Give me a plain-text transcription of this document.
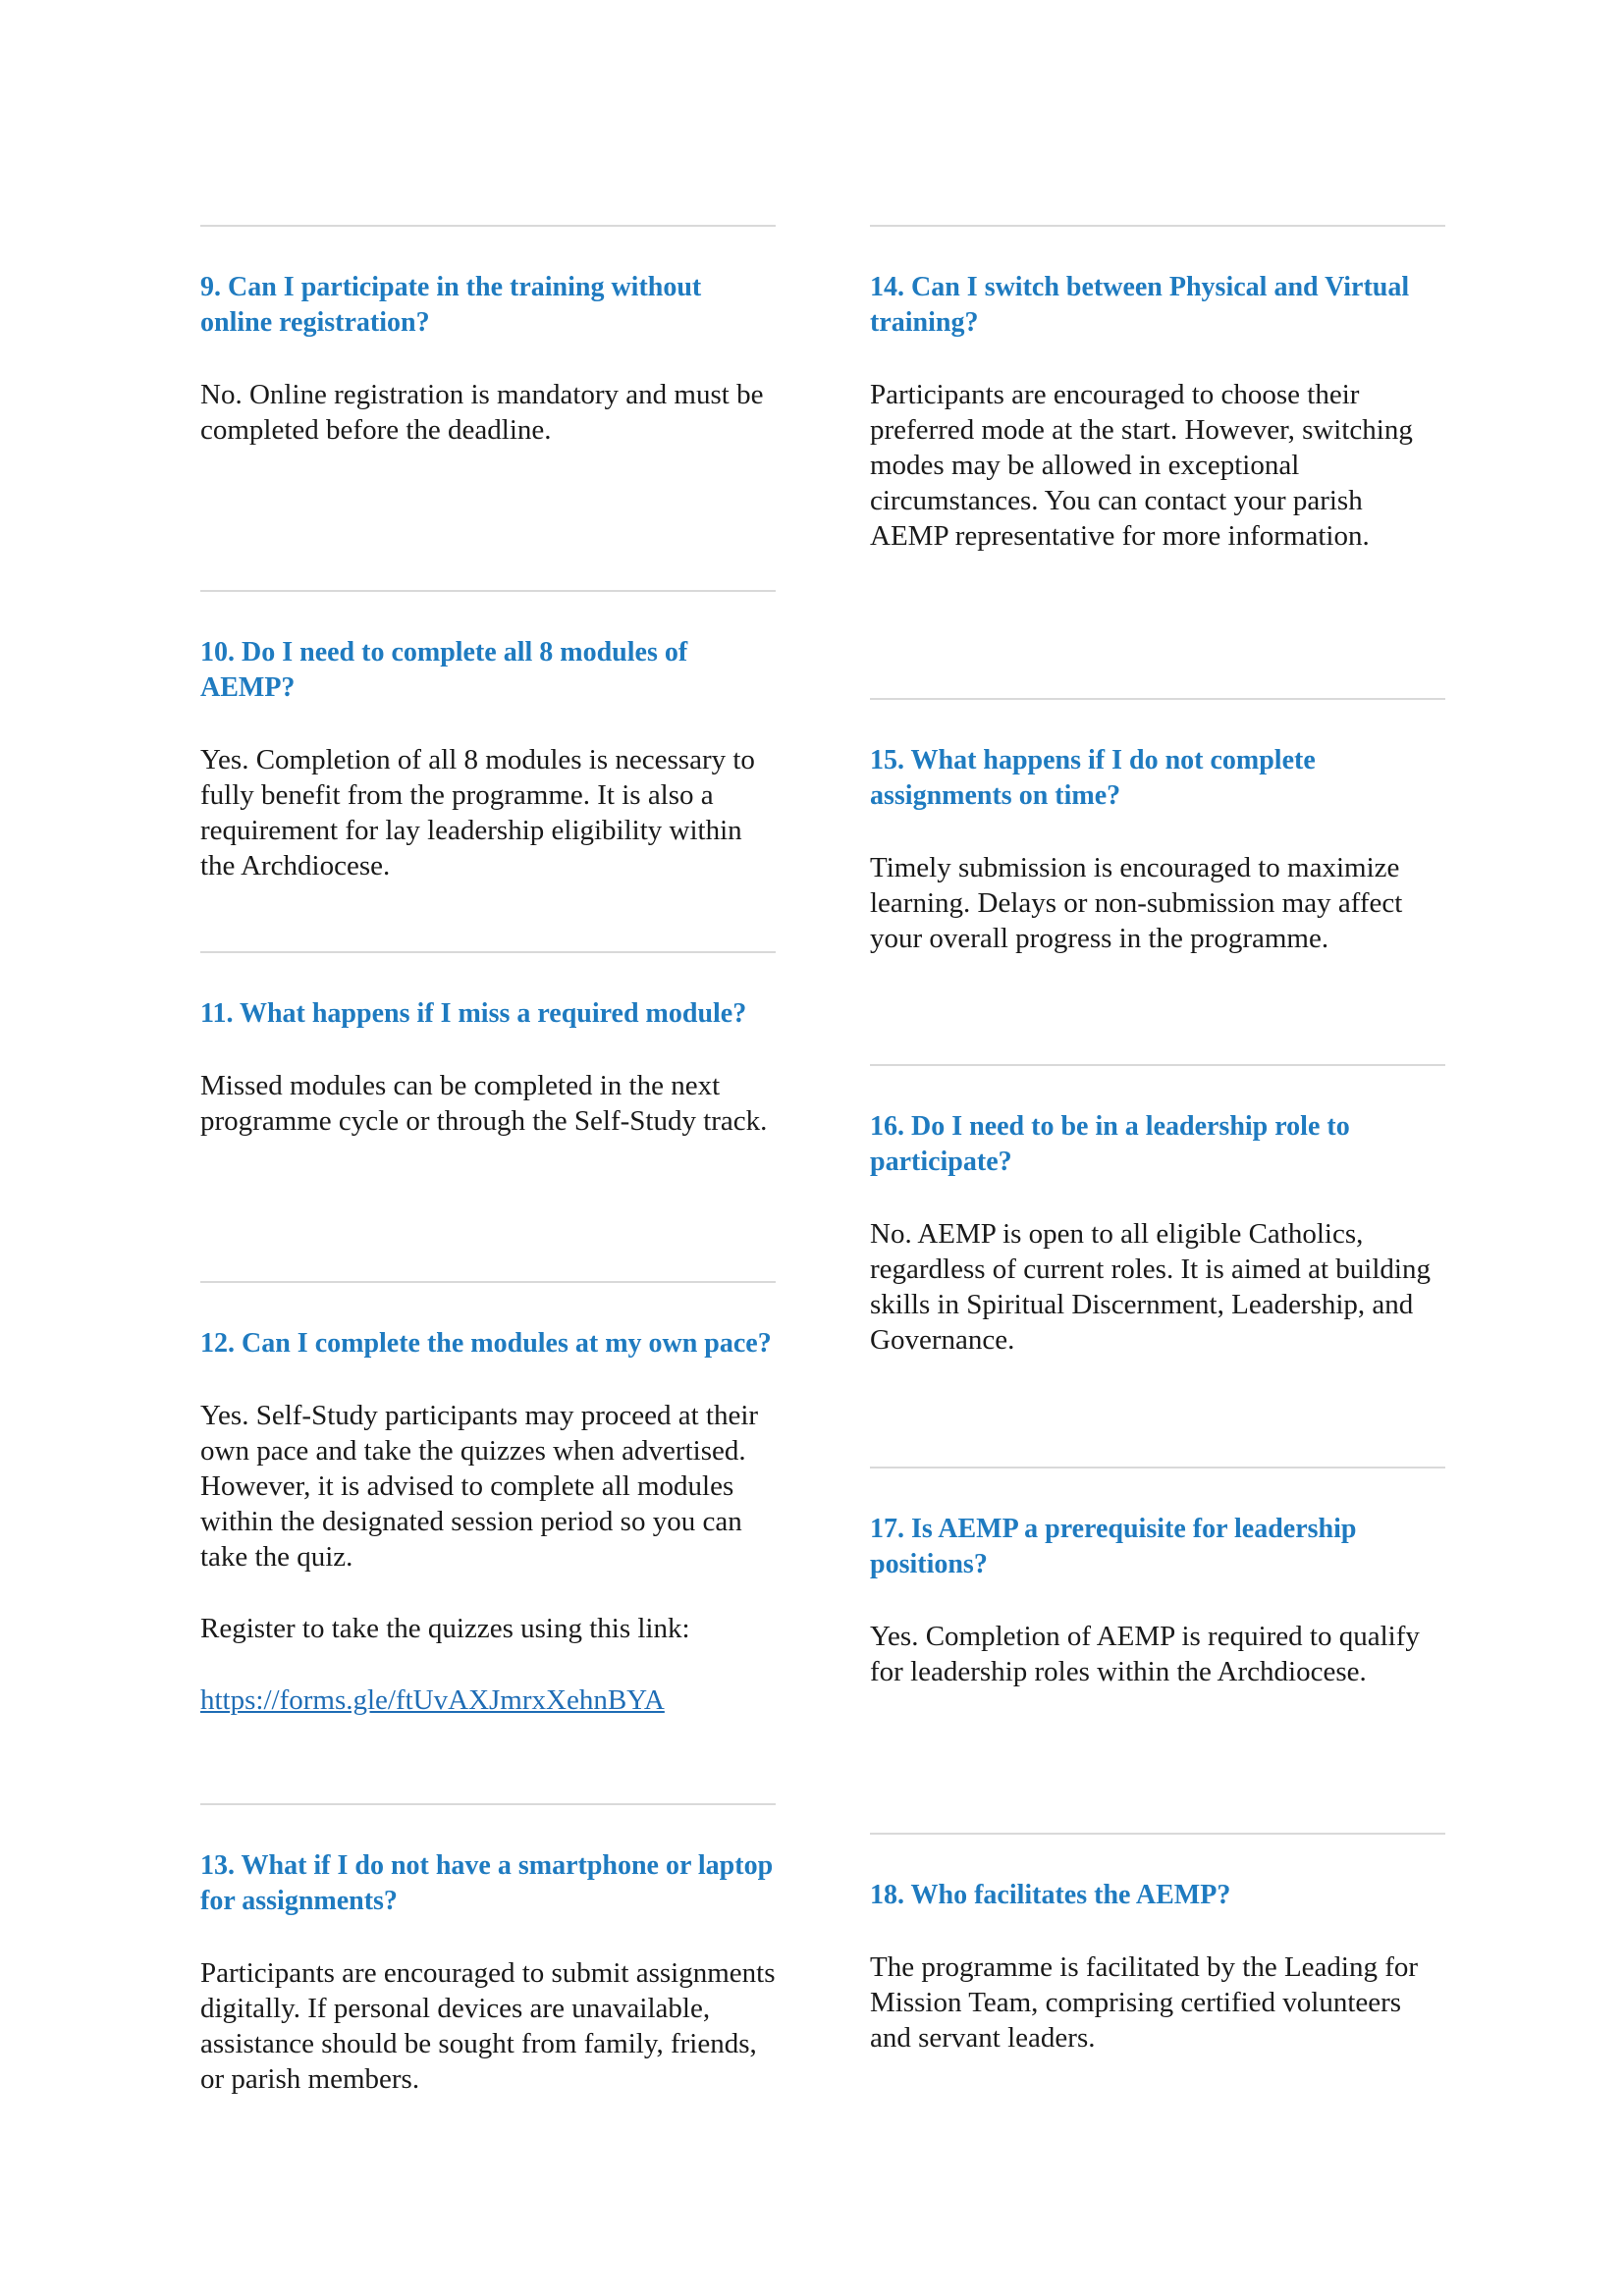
9. Can I participate in the training without online registration?

No. Online registration is mandatory and must be completed before the deadline.

10. Do I need to complete all 8 modules of AEMP?

Yes. Completion of all 8 modules is necessary to fully benefit from the programme. It is also a requirement for lay leadership eligibility within the Archdiocese.

11. What happens if I miss a required module?

Missed modules can be completed in the next programme cycle or through the Self-Study track.

12. Can I complete the modules at my own pace?

Yes. Self-Study participants may proceed at their own pace and take the quizzes when advertised. However, it is advised to complete all modules within the designated session period so you can take the quiz.

Register to take the quizzes using this link:

https://forms.gle/ftUvAXJmrxXehnBYA

13. What if I do not have a smartphone or laptop for assignments?

Participants are encouraged to submit assignments digitally. If personal devices are unavailable, assistance should be sought from family, friends, or parish members.

14. Can I switch between Physical and Virtual training?

Participants are encouraged to choose their preferred mode at the start. However, switching modes may be allowed in exceptional circumstances. You can contact your parish AEMP representative for more information.

15. What happens if I do not complete assignments on time?

Timely submission is encouraged to maximize learning. Delays or non-submission may affect your overall progress in the programme.

16. Do I need to be in a leadership role to participate?

No. AEMP is open to all eligible Catholics, regardless of current roles. It is aimed at building skills in Spiritual Discernment, Leadership, and Governance.

17. Is AEMP a prerequisite for leadership positions?

Yes. Completion of AEMP is required to qualify for leadership roles within the Archdiocese.

18. Who facilitates the AEMP?

The programme is facilitated by the Leading for Mission Team, comprising certified volunteers and servant leaders.
